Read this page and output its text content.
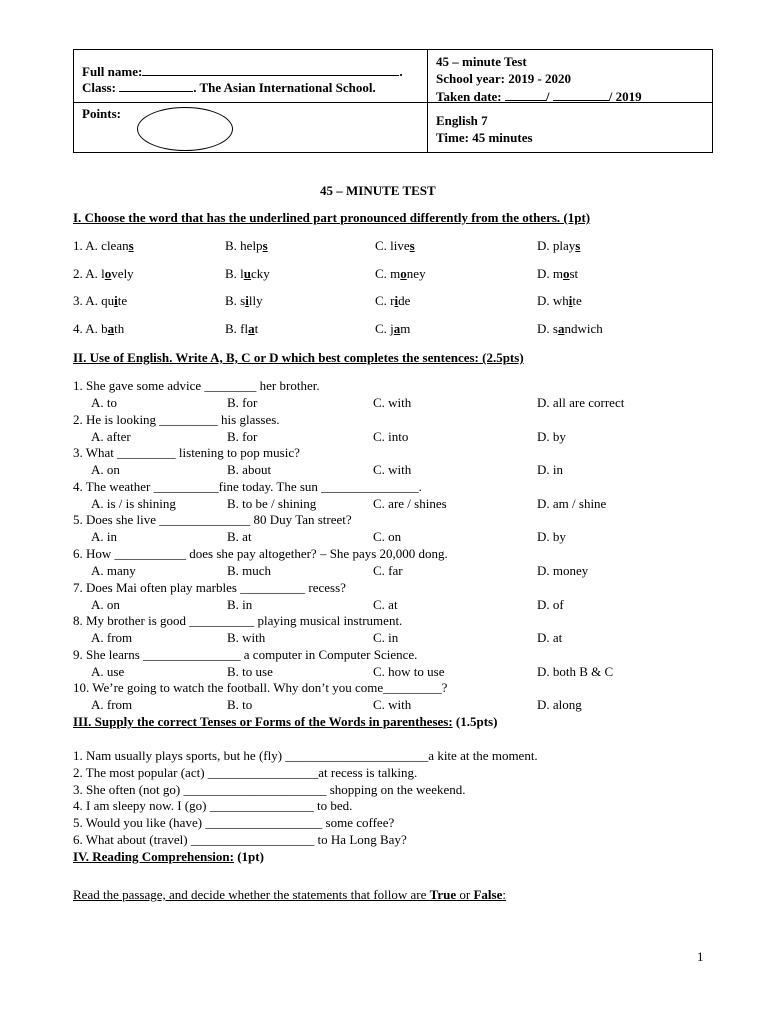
Full name:	.
Class:	. The Asian International School.
45 – minute Test
School year: 2019 - 2020
Taken date:	/	/ 2019
Points:	English 7
Time: 45 minutes
45 – MINUTE TEST
I. Choose the word that has the underlined part pronounced differently from the others. (1pt)
1. A. cleans	B. helps	C. lives	D. plays
2. A. lovely	B. lucky	C. money	D. most
3. A. quite	B. silly	C. ride	D. white
4. A. bath	B. flat	C. jam	D. sandwich
II. Use of English. Write A, B, C or D which best completes the sentences: (2.5pts)
1. She gave some advice ________ her brother.
A. to	B. for	C. with	D. all are correct
2. He is looking _________ his glasses.
A. after	B. for	C. into	D. by
3. What _________ listening to pop music?
A. on	B. about	C. with	D. in
4. The weather __________fine today. The sun _______________.
A. is / is shining	B. to be / shining	C. are / shines	D. am / shine
5. Does she live ______________ 80 Duy Tan street?
A. in	B. at	C. on	D. by
6. How ___________ does she pay altogether? – She pays 20,000 dong.
A. many	B. much	C. far	D. money
7. Does Mai often play marbles __________ recess?
A. on	B. in	C. at	D. of
8. My brother is good __________ playing musical instrument.
A. from	B. with	C. in	D. at
9. She learns _______________ a computer in Computer Science.
A. use	B. to use	C. how to use	D. both B & C
10. We’re going to watch the football. Why don’t you come_________?
A. from	B. to	C. with	D. along
III. Supply the correct Tenses or Forms of the Words in parentheses: (1.5pts)
1. Nam usually plays sports, but he (fly) ______________________a kite at the moment.
2. The most popular (act) _________________at recess is talking.
3. She often (not go) ______________________ shopping on the weekend.
4. I am sleepy now. I (go) ________________ to bed.
5. Would you like (have) __________________ some coffee?
6. What about (travel) ___________________ to Ha Long Bay?
IV. Reading Comprehension: (1pt)
Read the passage, and decide whether the statements that follow are True or False:
1
